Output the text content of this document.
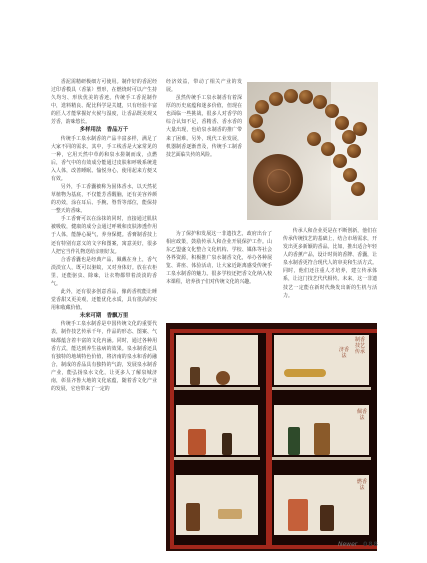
香泥需精研极细方可使用。制作好的香泥经过印香模具（香篆）塑形，在燃烧时可以产生持久均匀、形状优美的香迹。传统手工香泥制作中，选料精良、配比科学是关键，只有经验丰富的匠人才能掌握好火候与湿度，让香品既美观又芳香，韵味悠长。

多样用法　香品万千

传统手工泉水制香的产品丰富多样，满足了大家不同的需求。其中，手工线香是大家常见的一种，它用天然中草药和泉水搓制而成，点燃后，香气中的有效成分能通过皮肤和呼吸系统进入人体，改善睡眠、愉悦身心，使用起来方便又有效。

另外，手工香囊被称为固体香水，以天然花草植物为基底，不仅能芳香醒脑，还有美容养颜的功效，涂在耳后、手腕、脊背等部位，能保持一整天的香味。

手工香膏可以在涂抹的同时，直接通过肌肤被吸收，健康的成分会通过呼吸和皮肤渗透作用于人体，能静心凝气，养身保健。香膏制香技上还有特别有意义的文字和图案，寓意美好，很多人把它当作礼物送给亲朋好友。

合香香囊也是经典产品，佩戴在身上，香气淡淡宜人，既可以驱蚊，又对身体好。放在衣柜里，还能驱虫、除味，让衣物都带着淡淡的香气。

此外，还有很多创意香品，像药香枕能让睡觉香甜又更美观，还能优化水质，具有很高的实用和收藏价值。

未来可期　香飘万里

传统手工泉水制香是中国传统文化的重要代表，制作技艺传承千年，作品的形态、图案、气味都蕴含着丰富的文化内涵。同时，通过各种用香方式，能达到养生祛病的效果。泉水制香还具有独特的地域特色价值，将济南的泉水和香药融合，制成的香品具有独特的气韵，发展泉水制香产业，能弘扬泉水文化，让更多人了解泉城济南，彰显齐鲁大地的文化底蕴，随着香文化产业的发展，它也带来了一定的

经济效益，带动了相关产业的发展。

虽然传统手工泉水制香有着深厚的历史底蕴和迷多价值，但现在也面临一些挑战，很多人对香学的综合认知不足，香精香、香水香的大量出现，也给泉水制香的推广带来了困难。另外，现代工业发展，机器制香逐渐普及，传统手工制香技艺面临失传的风险。

为了保护和发展这一非遗技艺，政府出台了相应政策，鼓励传承人和企业开展保护工作。山东乙盟盛文化整合文化机构、学校、媒体等社会各界资源，积极推广泉水制香文化，举办各种展览、讲座、体验活动，让大家近距离感受传统手工泉水制香的魅力。很多学校还把香文化纳入校本课程，培养孩子们对传统文化的兴趣。

传承人和企业更是在不断创新，他们在传承传统技艺的基础上，结合市场需求，开发出更多新颖的香品。比如，推出适合年轻人的香薰产品，设计时尚的香牌、香囊，让泉水制香更符合现代人的审美和生活方式。同时，他们还注重人才培养，建立传承体系，让这门技艺代代相传。未来，这一非遗技艺一定能在新时代焕发出新的生机与活力。

制香技艺传承
济香法
佩香法
燃香法
Newer 088
